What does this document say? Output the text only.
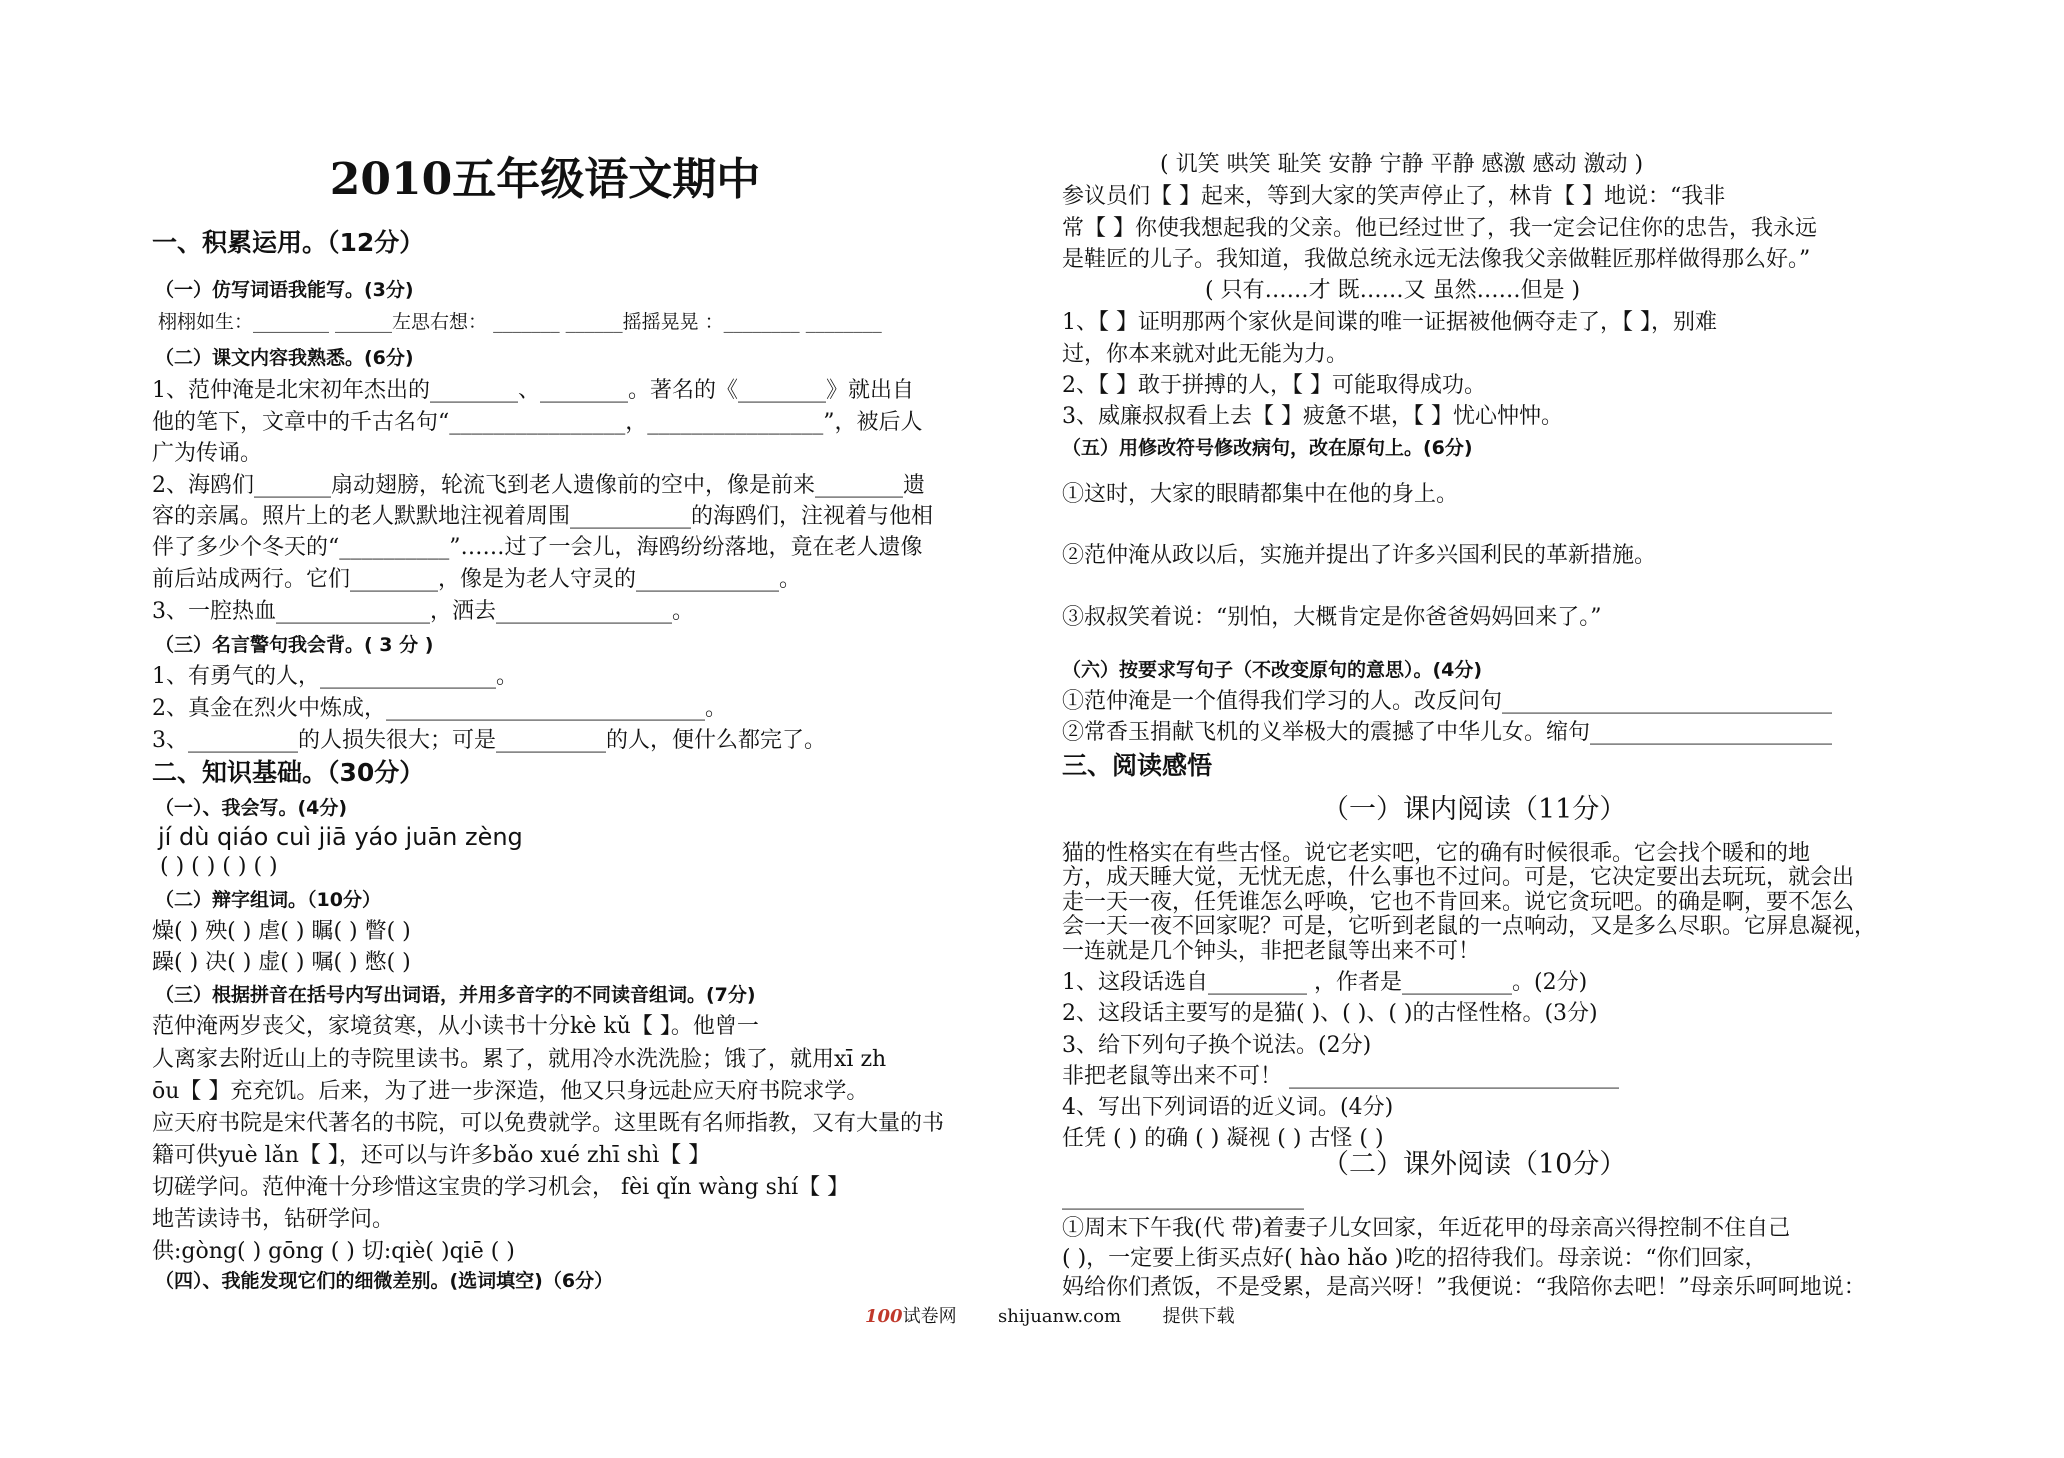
2010五年级语文期中
一、积累运用。（12分）
（一）仿写词语我能写。(3分)
栩栩如生：________ ______左思右想： _______ ______摇摇晃晃 ：________ ________
（二）课文内容我熟悉。(6分)
1、范仲淹是北宋初年杰出的________、________。著名的《________》就出自
他的笔下，文章中的千古名句“________________，________________”，被后人
广为传诵。
2、海鸥们_______扇动翅膀，轮流飞到老人遗像前的空中，像是前来________遗
容的亲属。照片上的老人默默地注视着周围___________的海鸥们，注视着与他相
伴了多少个冬天的“__________”……过了一会儿，海鸥纷纷落地，竟在老人遗像
前后站成两行。它们________，像是为老人守灵的_____________。
3、一腔热血______________，洒去________________。
（三）名言警句我会背。( 3 分 )
1、有勇气的人，________________。
2、真金在烈火中炼成，_____________________________。
3、__________的人损失很大；可是__________的人，便什么都完了。
二、知识基础。（30分）
（一）、我会写。(4分)
jí dù qiáo cuì jiā yáo juān zèng
( ) ( ) ( ) ( )
（二）辩字组词。（10分）
燥( ) 殃( ) 虐( ) 瞩( ) 瞥( )
躁( ) 决( ) 虚( ) 嘱( ) 憋( )
（三）根据拼音在括号内写出词语，并用多音字的不同读音组词。(7分)
范仲淹两岁丧父，家境贫寒，从小读书十分kè kǔ【 】。他曾一
人离家去附近山上的寺院里读书。累了，就用冷水洗洗脸；饿了，就用xī zh
ōu【 】充充饥。后来，为了进一步深造，他又只身远赴应天府书院求学。
应天府书院是宋代著名的书院，可以免费就学。这里既有名师指教，又有大量的书
籍可供yuè lǎn【 】，还可以与许多bǎo xué zhī shì【 】
切磋学问。范仲淹十分珍惜这宝贵的学习机会， fèi qǐn wàng shí【 】
地苦读诗书，钻研学问。
供:gòng( ) gōng ( ) 切:qiè( )qiē ( )
（四）、我能发现它们的细微差别。(选词填空)（6分）
( 讥笑 哄笑 耻笑 安静 宁静 平静 感激 感动 激动 )
参议员们【 】起来，等到大家的笑声停止了，林肯【 】地说：“我非
常【 】你使我想起我的父亲。他已经过世了，我一定会记住你的忠告，我永远
是鞋匠的儿子。我知道，我做总统永远无法像我父亲做鞋匠那样做得那么好。”
( 只有……才 既……又 虽然……但是 )
1、【 】证明那两个家伙是间谍的唯一证据被他俩夺走了，【 】，别难
过，你本来就对此无能为力。
2、【 】敢于拼搏的人，【 】可能取得成功。
3、威廉叔叔看上去【 】疲惫不堪，【 】忧心忡忡。
（五）用修改符号修改病句，改在原句上。(6分)
①这时，大家的眼睛都集中在他的身上。
②范仲淹从政以后，实施并提出了许多兴国利民的革新措施。
③叔叔笑着说：“别怕，大概肯定是你爸爸妈妈回来了。”
（六）按要求写句子（不改变原句的意思）。(4分)
①范仲淹是一个值得我们学习的人。改反问句______________________________
②常香玉捐献飞机的义举极大的震撼了中华儿女。缩句______________________
三、阅读感悟
（一）课内阅读（11分）
猫的性格实在有些古怪。说它老实吧，它的确有时候很乖。它会找个暖和的地
方，成天睡大觉，无忧无虑，什么事也不过问。可是，它决定要出去玩玩，就会出
走一天一夜，任凭谁怎么呼唤，它也不肯回来。说它贪玩吧。的确是啊，要不怎么
会一天一夜不回家呢？可是，它听到老鼠的一点响动，又是多么尽职。它屏息凝视，
一连就是几个钟头，非把老鼠等出来不可！
1、这段话选自_________ ，作者是__________。(2分)
2、这段话主要写的是猫( )、( )、( )的古怪性格。(3分)
3、给下列句子换个说法。(2分)
非把老鼠等出来不可！ ______________________________
4、写出下列词语的近义词。(4分)
任凭 ( ) 的确 ( ) 凝视 ( ) 古怪 ( )
（二）课外阅读（10分）
______________________
①周末下午我(代 带)着妻子儿女回家，年近花甲的母亲高兴得控制不住自己
( )，一定要上街买点好( hào hǎo )吃的招待我们。母亲说：“你们回家，
妈给你们煮饭，不是受累，是高兴呀！”我便说：“我陪你去吧！”母亲乐呵呵地说：
100试卷网 shijuanw.com 提供下载
